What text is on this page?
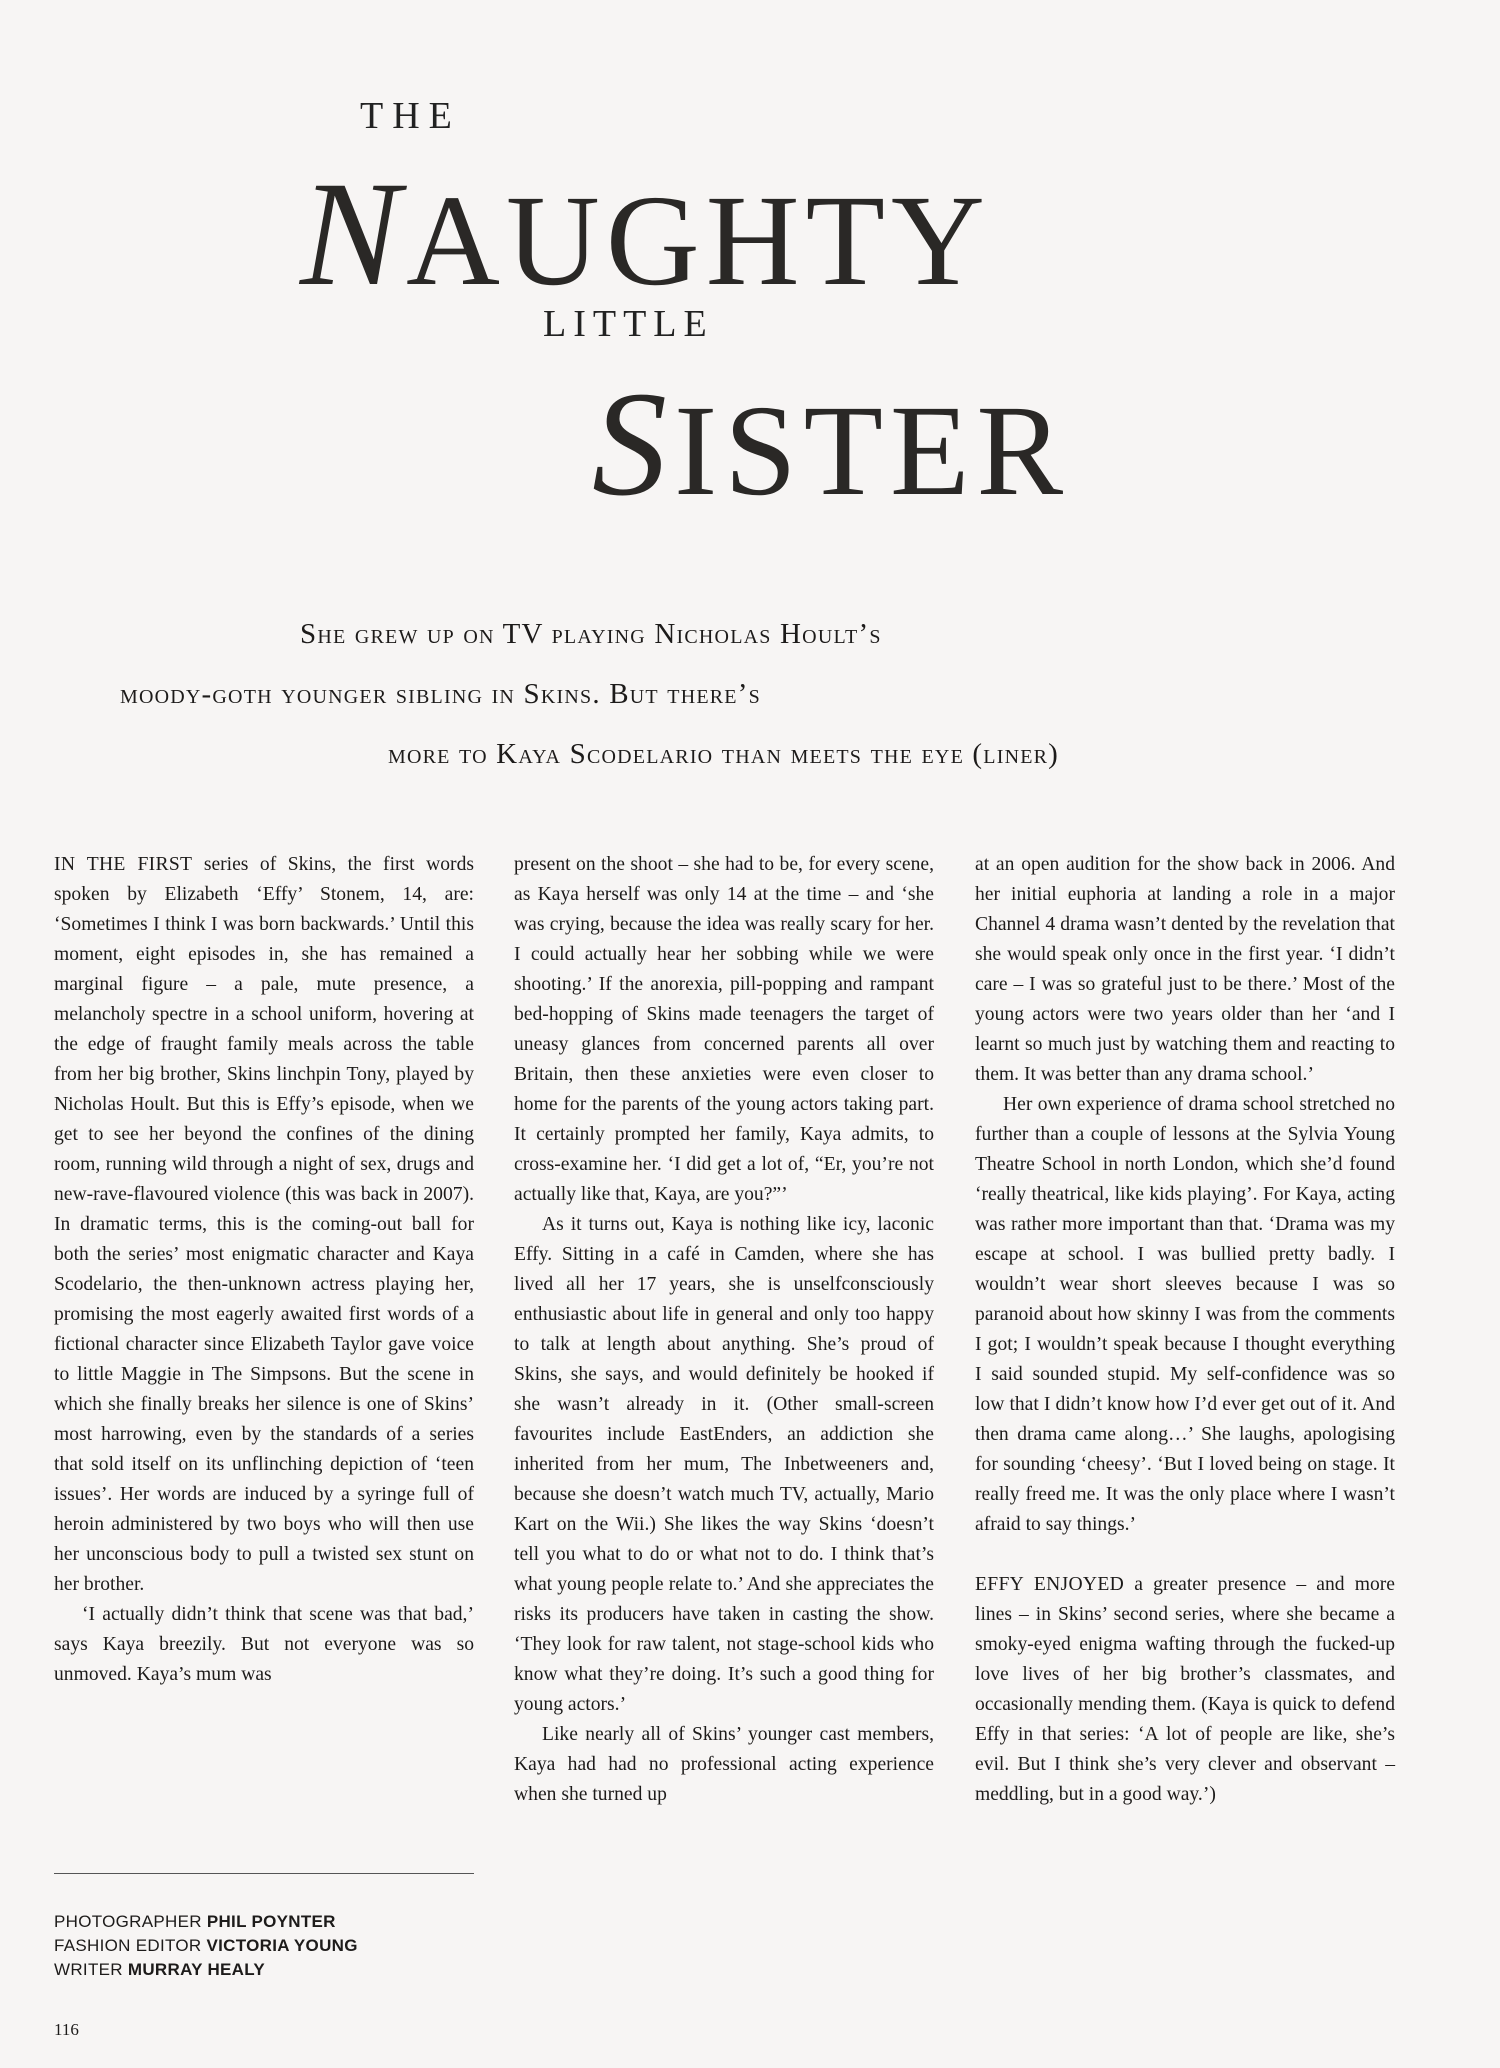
THE
NAUGHTY
LITTLE
SISTER
She grew up on TV playing Nicholas Hoult’s
moody-goth younger sibling in Skins. But there’s
more to Kaya Scodelario than meets the eye (liner)

IN THE FIRST series of Skins, the first words spoken by Elizabeth ‘Effy’ Stonem, 14, are: ‘Sometimes I think I was born backwards.’ Until this moment, eight episodes in, she has remained a marginal figure – a pale, mute presence, a melancholy spectre in a school uniform, hovering at the edge of fraught family meals across the table from her big brother, Skins linchpin Tony, played by Nicholas Hoult. But this is Effy’s episode, when we get to see her beyond the confines of the dining room, running wild through a night of sex, drugs and new-rave-flavoured violence (this was back in 2007). In dramatic terms, this is the coming-out ball for both the series’ most enigmatic character and Kaya Scodelario, the then-unknown actress playing her, promising the most eagerly awaited first words of a fictional character since Elizabeth Taylor gave voice to little Maggie in The Simpsons. But the scene in which she finally breaks her silence is one of Skins’ most harrowing, even by the standards of a series that sold itself on its unflinching depiction of ‘teen issues’. Her words are induced by a syringe full of heroin administered by two boys who will then use her unconscious body to pull a twisted sex stunt on her brother.

‘I actually didn’t think that scene was that bad,’ says Kaya breezily. But not everyone was so unmoved. Kaya’s mum was

present on the shoot – she had to be, for every scene, as Kaya herself was only 14 at the time – and ‘she was crying, because the idea was really scary for her. I could actually hear her sobbing while we were shooting.’ If the anorexia, pill-popping and rampant bed-hopping of Skins made teenagers the target of uneasy glances from concerned parents all over Britain, then these anxieties were even closer to home for the parents of the young actors taking part. It certainly prompted her family, Kaya admits, to cross-examine her. ‘I did get a lot of, “Er, you’re not actually like that, Kaya, are you?”’

As it turns out, Kaya is nothing like icy, laconic Effy. Sitting in a café in Camden, where she has lived all her 17 years, she is unselfconsciously enthusiastic about life in general and only too happy to talk at length about anything. She’s proud of Skins, she says, and would definitely be hooked if she wasn’t already in it. (Other small-screen favourites include EastEnders, an addiction she inherited from her mum, The Inbetweeners and, because she doesn’t watch much TV, actually, Mario Kart on the Wii.) She likes the way Skins ‘doesn’t tell you what to do or what not to do. I think that’s what young people relate to.’ And she appreciates the risks its producers have taken in casting the show. ‘They look for raw talent, not stage-school kids who know what they’re doing. It’s such a good thing for young actors.’

Like nearly all of Skins’ younger cast members, Kaya had had no professional acting experience when she turned up

at an open audition for the show back in 2006. And her initial euphoria at landing a role in a major Channel 4 drama wasn’t dented by the revelation that she would speak only once in the first year. ‘I didn’t care – I was so grateful just to be there.’ Most of the young actors were two years older than her ‘and I learnt so much just by watching them and reacting to them. It was better than any drama school.’

Her own experience of drama school stretched no further than a couple of lessons at the Sylvia Young Theatre School in north London, which she’d found ‘really theatrical, like kids playing’. For Kaya, acting was rather more important than that. ‘Drama was my escape at school. I was bullied pretty badly. I wouldn’t wear short sleeves because I was so paranoid about how skinny I was from the comments I got; I wouldn’t speak because I thought everything I said sounded stupid. My self-confidence was so low that I didn’t know how I’d ever get out of it. And then drama came along…’ She laughs, apologising for sounding ‘cheesy’. ‘But I loved being on stage. It really freed me. It was the only place where I wasn’t afraid to say things.’

EFFY ENJOYED a greater presence – and more lines – in Skins’ second series, where she became a smoky-eyed enigma wafting through the fucked-up love lives of her big brother’s classmates, and occasionally mending them. (Kaya is quick to defend Effy in that series: ‘A lot of people are like, she’s evil. But I think she’s very clever and observant – meddling, but in a good way.’)

PHOTOGRAPHER PHIL POYNTER
FASHION EDITOR VICTORIA YOUNG
WRITER MURRAY HEALY
116
